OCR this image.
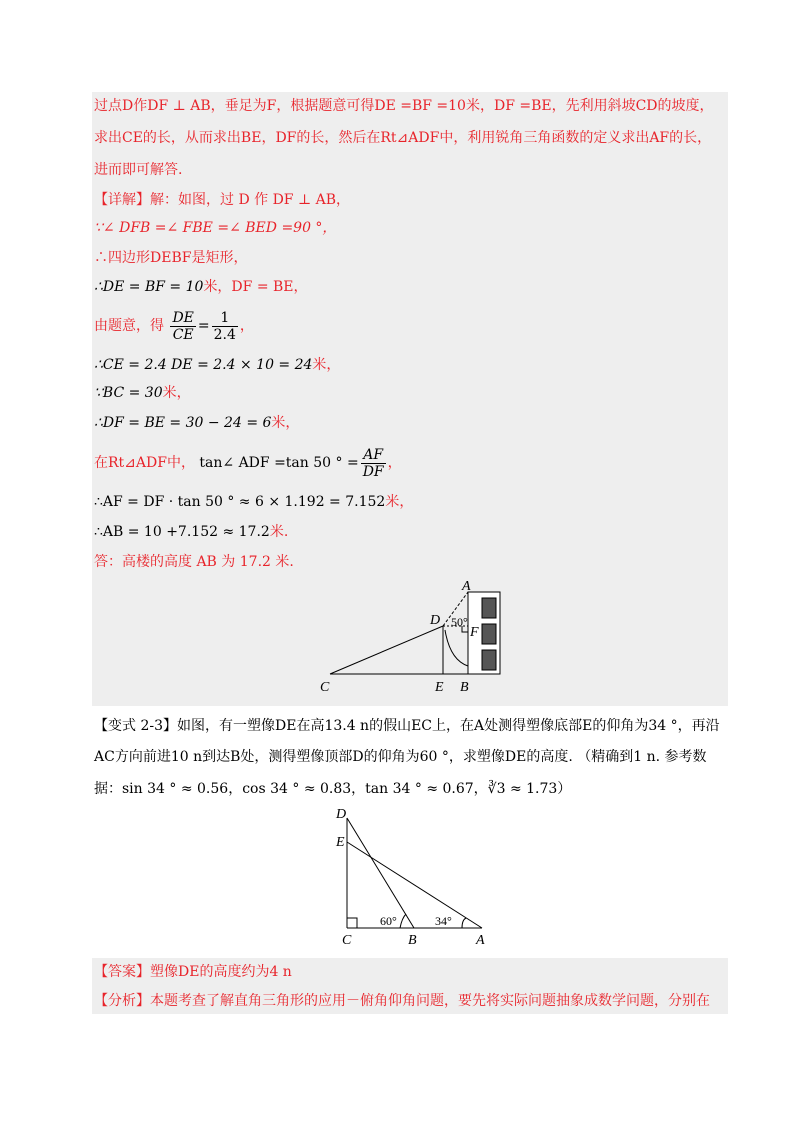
过点D作DF ⊥ AB，垂足为F，根据题意可得DE =BF =10米，DF =BE，先利用斜坡CD的坡度，
求出CE的长，从而求出BE，DF的长，然后在Rt⊿ADF中，利用锐角三角函数的定义求出AF的长，
进而即可解答.
【详解】解：如图，过 D 作 DF ⊥ AB，
∵∠ DFB =∠ FBE =∠ BED =90 °，
∴四边形DEBF是矩形，
∴DE = BF = 10米，DF = BE，
由题意，得 $\frac{DE}{CE} = \frac{1}{2.4}$ ，
∴CE = 2.4 DE = 2.4 × 10 = 24米，
∵BC = 30米，
∴DF = BE = 30 − 24 = 6米，
在Rt⊿ADF中， tan∠ ADF =tan 50 ° = $\frac{AF}{DF}$ ，
∴AF = DF · tan 50 ° ≈ 6 × 1.192 = 7.152米，
∴AB = 10 +7.152 ≈ 17.2米.
答：高楼的高度 AB 为 17.2 米.
A
D 50°
F
C	E B
【变式 2-3】如图，有一塑像DE在高13.4 n的假山EC上，在A处测得塑像底部E的仰角为34 °，再沿
AC方向前进10 n到达B处，测得塑像顶部D的仰角为60 °，求塑像DE的高度. （精确到1 n. 参考数
据：sin 34 ° ≈ 0.56，cos 34 ° ≈ 0.83，tan 34 ° ≈ 0.67，∛3 ≈ 1.73）
D
E
C	B	A
60°	34°
【答案】塑像DE的高度约为4 n
【分析】本题考查了解直角三角形的应用－俯角仰角问题，要先将实际问题抽象成数学问题，分别在
